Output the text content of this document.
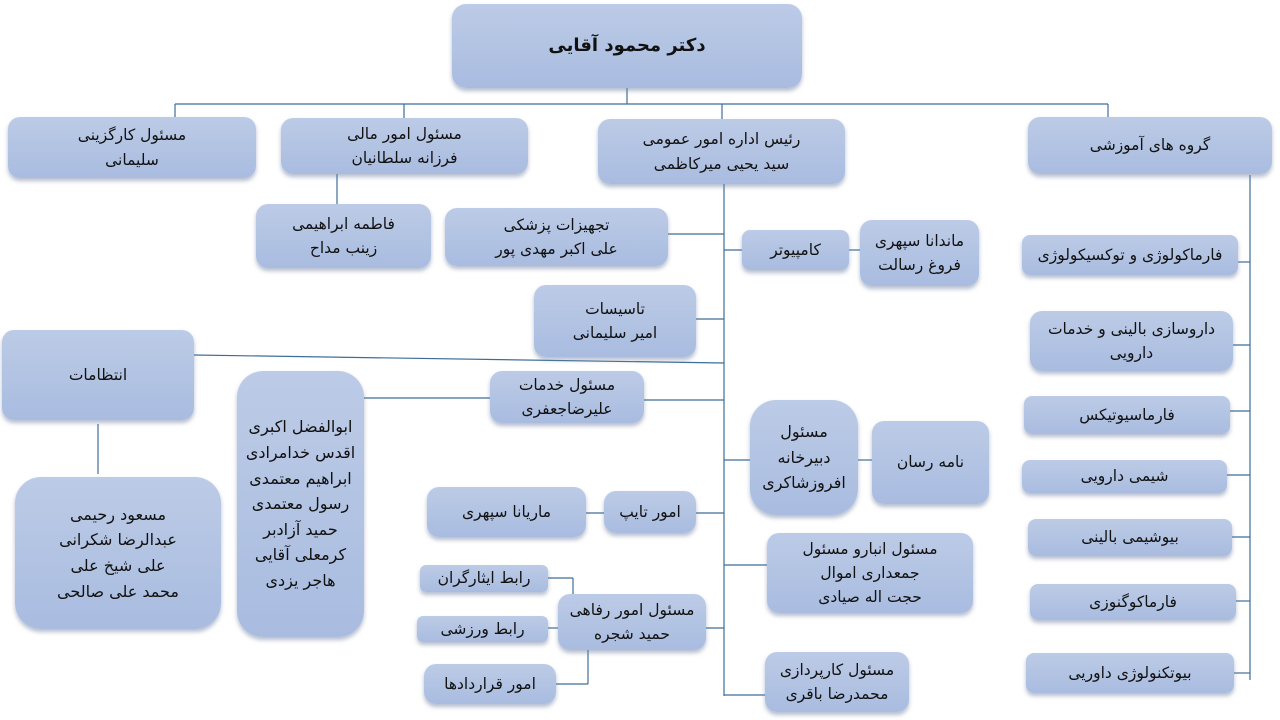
دکتر محمود آقایی
مسئول کارگزینی
سلیمانی
مسئول امور مالی
فرزانه سلطانیان
رئیس اداره امور عمومی
سید یحیی میرکاظمی
گروه های آموزشی
فاطمه ابراهیمی
زینب مداح
تجهیزات پزشکی
علی اکبر مهدی پور	کامپیوتر	ماندانا سپهری
فروغ رسالت
تاسیسات
امیر سلیمانی
انتظامات
مسعود رحیمی
عبدالرضا شکرانی
علی شیخ علی
محمد علی صالحی
مسئول خدمات
علیرضاجعفری
ابوالفضل اکبری
اقدس خدامرادی
ابراهیم معتمدی
رسول معتمدی
حمید آزادبر
کرمعلی آقایی
هاجر یزدی
مسئول
دبیرخانه
افروزشاکری
نامه رسان
امور تایپ
ماریانا سپهری
مسئول انبارو مسئول
جمعداری اموال
حجت اله صیادی
مسئول امور رفاهی
حمید شجره
رابط ایثارگران
رابط ورزشی
امور قراردادها
مسئول کارپردازی
محمدرضا باقری
فارماکولوژی و توکسیکولوژی
داروسازی بالینی و خدمات
دارویی
فارماسیوتیکس
شیمی دارویی
بیوشیمی بالینی
فارماکوگنوزی
بیوتکنولوژی داوریی
